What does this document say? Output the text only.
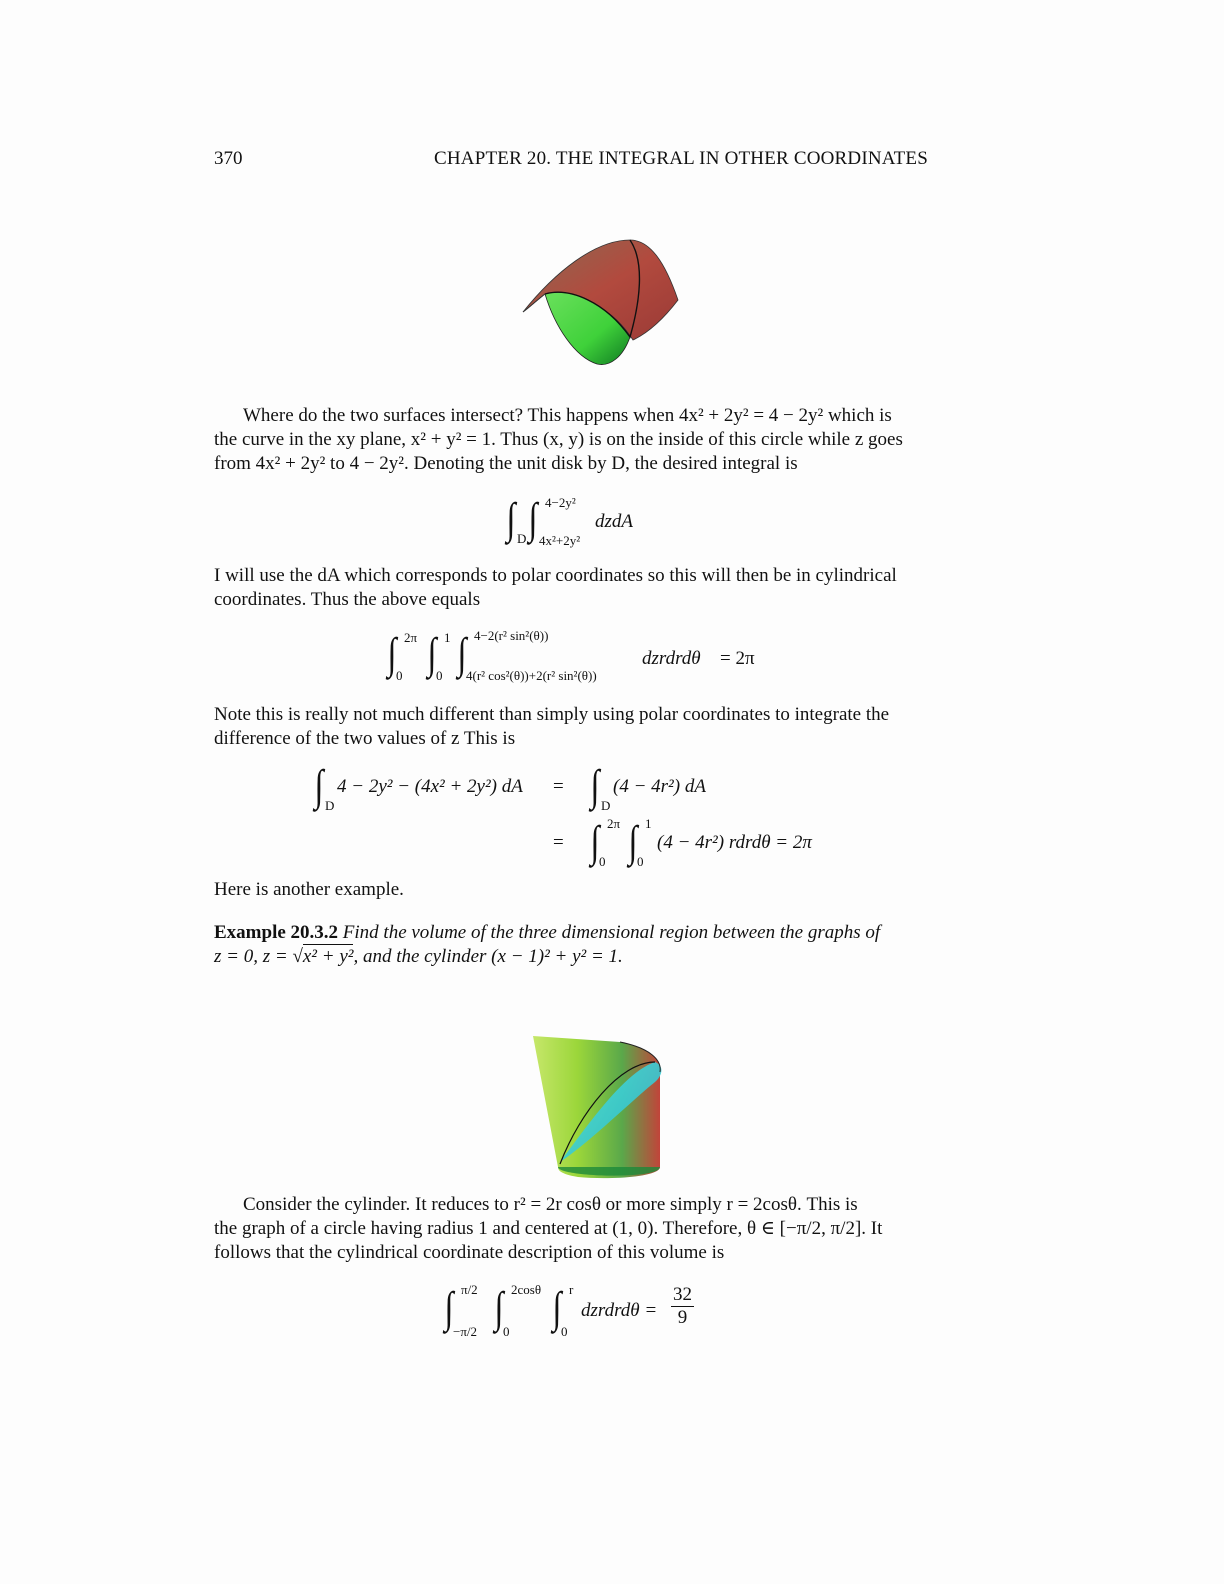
370	CHAPTER 20. THE INTEGRAL IN OTHER COORDINATES

Where do the two surfaces intersect? This happens when 4x² + 2y² = 4 − 2y² which is

the curve in the xy plane, x² + y² = 1. Thus (x, y) is on the inside of this circle while z goes

from 4x² + 2y² to 4 − 2y². Denoting the unit disk by D, the desired integral is

∫ D ∫ 4−2y²
4x²+2y²
dzdA

I will use the dA which corresponds to polar coordinates so this will then be in cylindrical

coordinates. Thus the above equals

∫ 2π
0 ∫ 1
0 ∫ 4−2(r² sin²(θ))
4(r² cos²(θ))+2(r² sin²(θ))
dzrdrdθ = 2π

Note this is really not much different than simply using polar coordinates to integrate the

difference of the two values of z This is

∫ D
4 − 2y² − (4x² + 2y²) dA = ∫ D
(4 − 4r²) dA
= ∫ 2π
0 ∫ 1
0
(4 − 4r²) rdrdθ = 2π

Here is another example.

Example 20.3.2 Find the volume of the three dimensional region between the graphs of

z = 0, z = √x² + y², and the cylinder (x − 1)² + y² = 1.

Consider the cylinder. It reduces to r² = 2r cosθ or more simply r = 2cosθ. This is

the graph of a circle having radius 1 and centered at (1, 0). Therefore, θ ∈ [−π/2, π/2]. It

follows that the cylindrical coordinate description of this volume is

∫ π/2
−π/2 ∫ 2cosθ
0 ∫ r
0
dzrdrdθ = $\frac{32}{9}$
